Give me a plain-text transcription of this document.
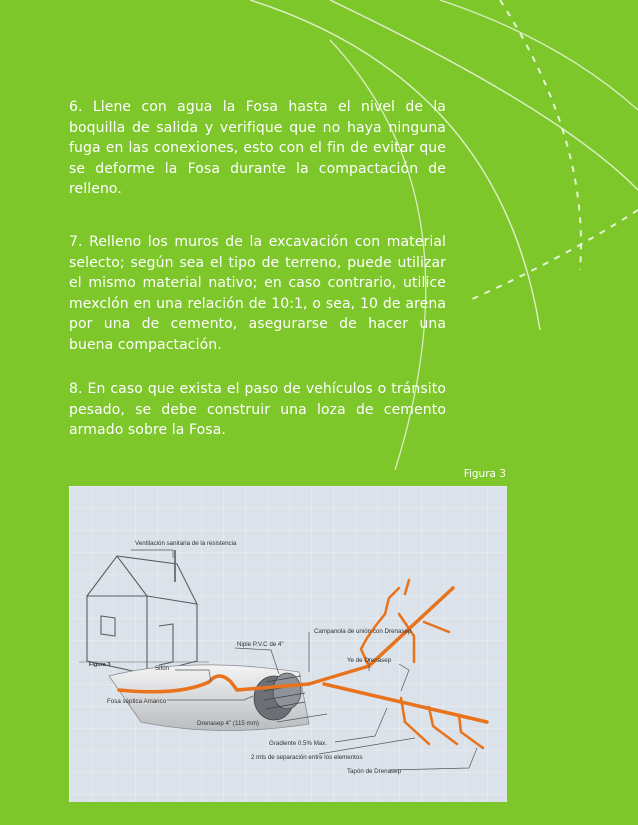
6. Llene con agua la Fosa hasta el nivel de la boquilla de salida y verifique que no haya ninguna fuga en las conexiones, esto con el fin de evitar que se deforme la Fosa durante la compactación de relleno.

7. Relleno los muros de la excavación con material selecto; según sea el tipo de terreno, puede utilizar el mismo material nativo; en caso contrario, utilice mexclón en una relación de 10:1, o sea, 10 de arena por una de cemento, asegurarse de hacer una buena compactación.

8. En caso que exista el paso de vehículos o tránsito pesado, se debe construir una loza de cemento armado sobre la Fosa.

Figura 3
Figura 3
Ventilación sanitaria de la resistencia
Campanola de unión con Drenasep
Niple P.V.C de 4"
Ye de Drenasep
Sifón
Fosa séptica Amanco
Drenasep 4" (115 mm)
Gradiente 0.5% Max.
2 mts de separación entre los elementos
Tapón de Drenasep
